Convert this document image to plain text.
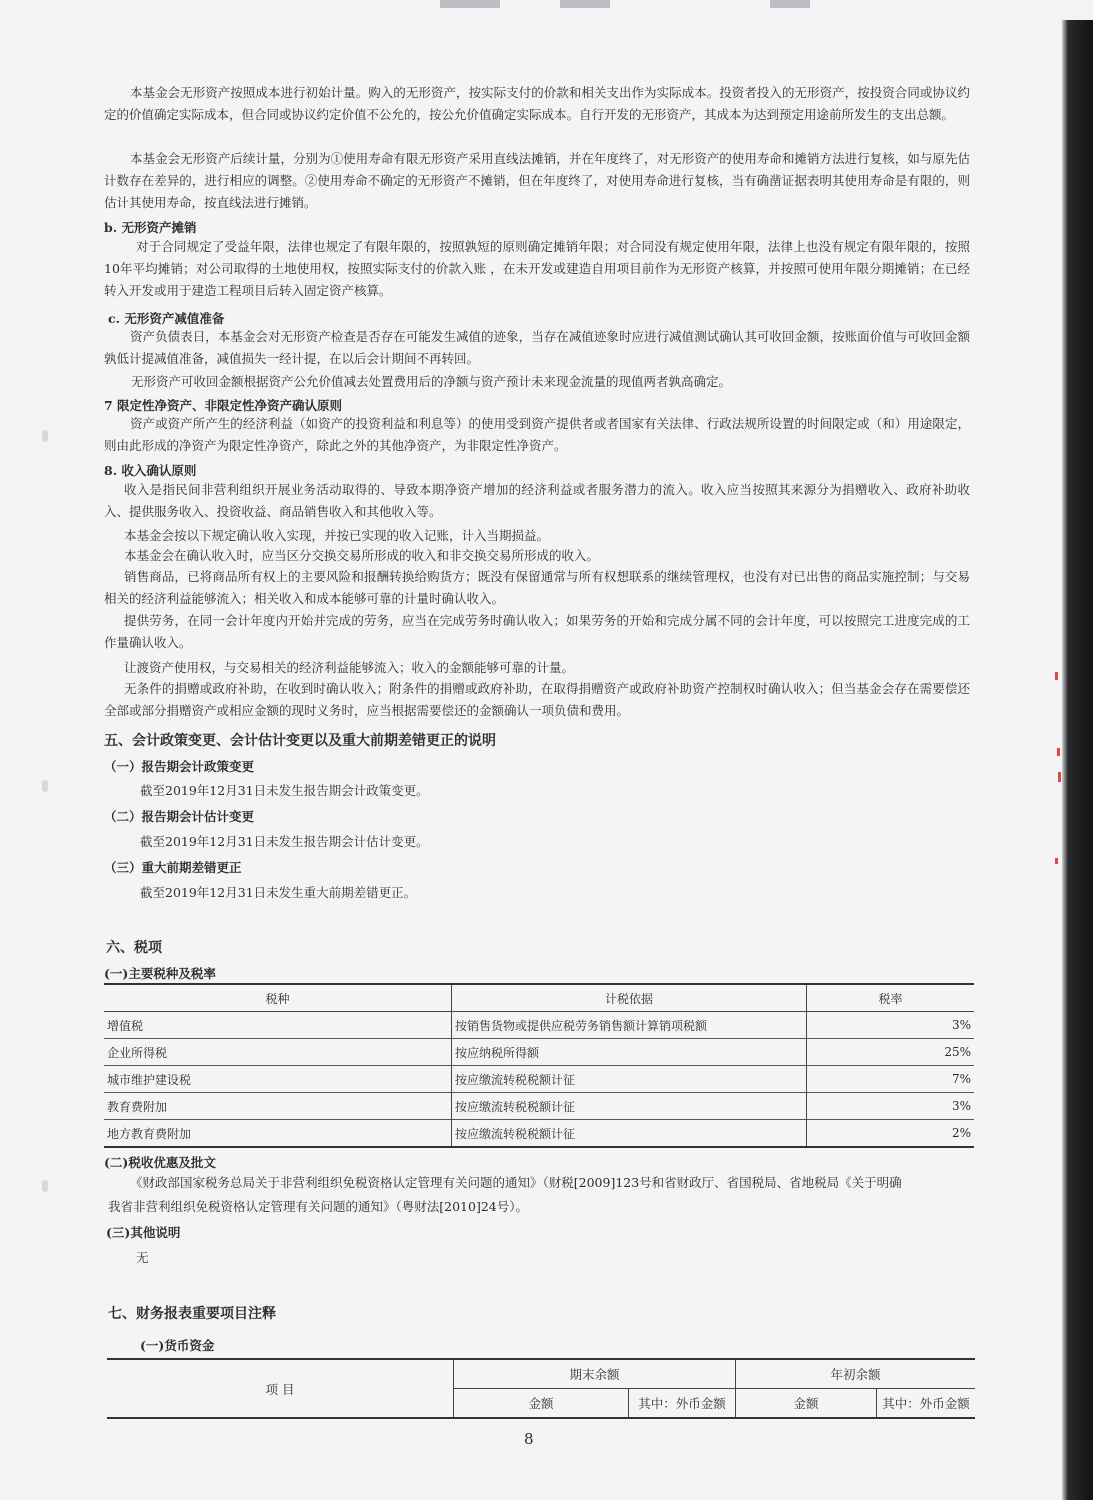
本基金会无形资产按照成本进行初始计量。购入的无形资产，按实际支付的价款和相关支出作为实际成本。投资者投入的无形资产，按投资合同或协议约定的价值确定实际成本，但合同或协议约定价值不公允的，按公允价值确定实际成本。自行开发的无形资产，其成本为达到预定用途前所发生的支出总额。
本基金会无形资产后续计量，分别为①使用寿命有限无形资产采用直线法摊销，并在年度终了，对无形资产的使用寿命和摊销方法进行复核，如与原先估计数存在差异的，进行相应的调整。②使用寿命不确定的无形资产不摊销，但在年度终了，对使用寿命进行复核，当有确凿证据表明其使用寿命是有限的，则估计其使用寿命，按直线法进行摊销。
b. 无形资产摊销
对于合同规定了受益年限，法律也规定了有限年限的，按照孰短的原则确定摊销年限；对合同没有规定使用年限，法律上也没有规定有限年限的，按照10年平均摊销；对公司取得的土地使用权，按照实际支付的价款入账 ，在未开发或建造自用项目前作为无形资产核算，并按照可使用年限分期摊销；在已经转入开发或用于建造工程项目后转入固定资产核算。
c. 无形资产减值准备
资产负债表日，本基金会对无形资产检查是否存在可能发生减值的迹象，当存在减值迹象时应进行减值测试确认其可收回金额，按账面价值与可收回金额孰低计提减值准备，减值损失一经计提，在以后会计期间不再转回。
无形资产可收回金额根据资产公允价值减去处置费用后的净额与资产预计未来现金流量的现值两者孰高确定。
7 限定性净资产、非限定性净资产确认原则
资产或资产所产生的经济利益（如资产的投资利益和利息等）的使用受到资产提供者或者国家有关法律、行政法规所设置的时间限定或（和）用途限定，则由此形成的净资产为限定性净资产，除此之外的其他净资产，为非限定性净资产。
8. 收入确认原则
收入是指民间非营利组织开展业务活动取得的、导致本期净资产增加的经济利益或者服务潜力的流入。收入应当按照其来源分为捐赠收入、政府补助收入、提供服务收入、投资收益、商品销售收入和其他收入等。
本基金会按以下规定确认收入实现，并按已实现的收入记账，计入当期损益。
本基金会在确认收入时，应当区分交换交易所形成的收入和非交换交易所形成的收入。
销售商品，已将商品所有权上的主要风险和报酬转换给购货方；既没有保留通常与所有权想联系的继续管理权，也没有对已出售的商品实施控制；与交易相关的经济利益能够流入；相关收入和成本能够可靠的计量时确认收入。
提供劳务，在同一会计年度内开始并完成的劳务，应当在完成劳务时确认收入；如果劳务的开始和完成分属不同的会计年度，可以按照完工进度完成的工作量确认收入。
让渡资产使用权，与交易相关的经济利益能够流入；收入的金额能够可靠的计量。
无条件的捐赠或政府补助，在收到时确认收入；附条件的捐赠或政府补助，在取得捐赠资产或政府补助资产控制权时确认收入；但当基金会存在需要偿还全部或部分捐赠资产或相应金额的现时义务时，应当根据需要偿还的金额确认一项负债和费用。
五、会计政策变更、会计估计变更以及重大前期差错更正的说明
（一）报告期会计政策变更
截至2019年12月31日未发生报告期会计政策变更。
（二）报告期会计估计变更
截至2019年12月31日未发生报告期会计估计变更。
（三）重大前期差错更正
截至2019年12月31日未发生重大前期差错更正。
六、税项
(一)主要税种及税率
税种	计税依据	税率
增值税	按销售货物或提供应税劳务销售额计算销项税额	3%
企业所得税	按应纳税所得额	25%
城市维护建设税	按应缴流转税税额计征	7%
教育费附加	按应缴流转税税额计征	3%
地方教育费附加	按应缴流转税税额计征	2%
(二)税收优惠及批文
《财政部国家税务总局关于非营利组织免税资格认定管理有关问题的通知》（财税[2009]123号和省财政厅、省国税局、省地税局《关于明确
我省非营利组织免税资格认定管理有关问题的通知》（粤财法[2010]24号）。
(三)其他说明
无
七、财务报表重要项目注释
(一)货币资金
项 目	期末余额		年初余额	
	金额	其中：外币金额	金额	其中：外币金额
8
